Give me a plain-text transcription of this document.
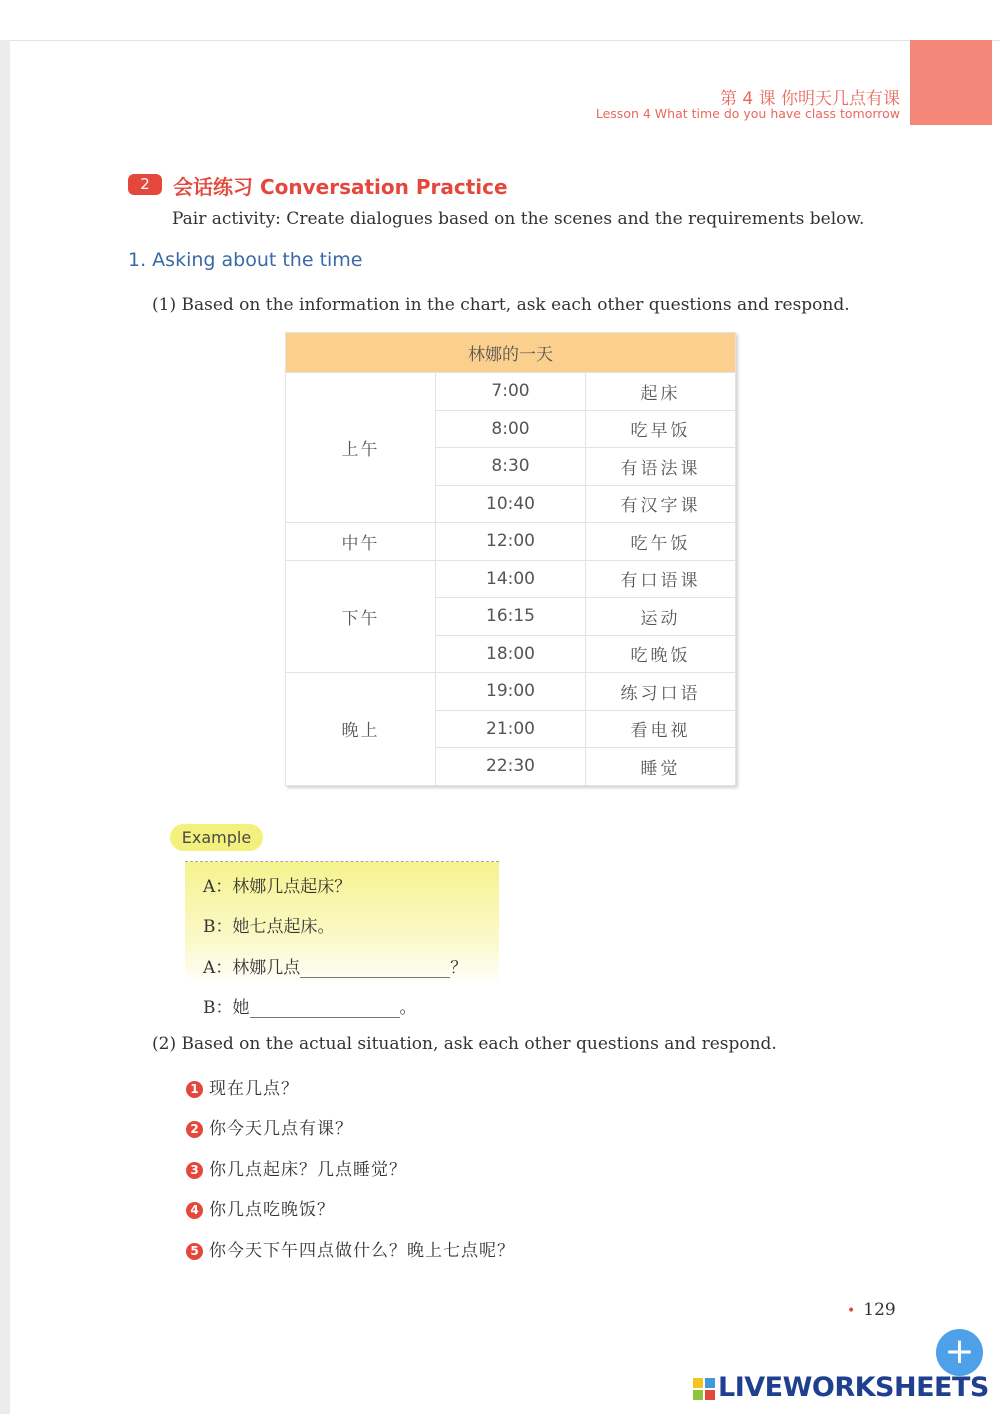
第 4 课 你明天几点有课
Lesson 4 What time do you have class tomorrow
2	会话练习 Conversation Practice
Pair activity: Create dialogues based on the scenes and the requirements below.
1. Asking about the time
(1) Based on the information in the chart, ask each other questions and respond.
林娜的一天		
上午	7:00	起床
	8:00	吃早饭
	8:30	有语法课
	10:40	有汉字课
中午	12:00	吃午饭
下午	14:00	有口语课
	16:15	运动
	18:00	吃晚饭
晚上	19:00	练习口语
	21:00	看电视
	22:30	睡觉
Example
A：林娜几点起床？
B：她七点起床。
A：林娜几点	？
B：她	。
(2) Based on the actual situation, ask each other questions and respond.
1 现在几点？
2 你今天几点有课？
3 你几点起床？几点睡觉？
4 你几点吃晚饭？
5 你今天下午四点做什么？晚上七点呢？
• 129
+
LIVEWORKSHEETS
